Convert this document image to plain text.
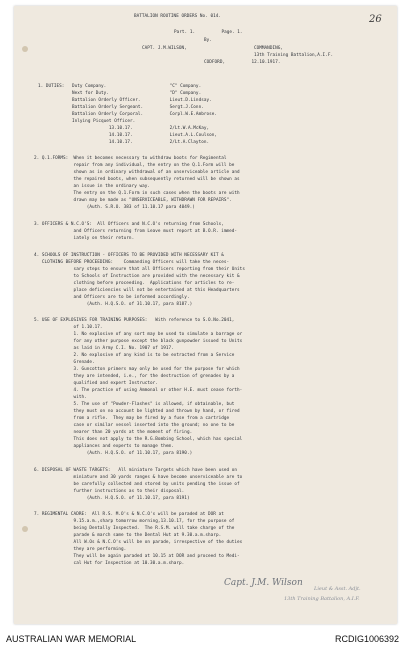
26
BATTALION ROUTINE ORDERS No. 014.
Part. 1.          Page. 1.
By.
CAPT. J.M.WILSON,	COMMANDING,
13th Training Battalion,A.I.F.
CODFORD,          12.10.1917.
1. DUTIES: Duty Company.                        "C" Company.
Next for Duty.                       "D" Company.
Battalion Orderly Officer.           Lieut.D.Lindsay.
Battalion Orderly Sergeant.          Sergt.J.Conn.
Battalion Orderly Corporal.          Corpl.W.E.Ambrose.
Inlying Picquet Officer.
13.10.17.              2/Lt.W.A.McKay,
14.10.17.              Lieut.A.L.Coulson,
14.10.17.              2/Lt.A.Clayton.
2. Q.1.FORMS:  When it becomes necessary to withdraw boots for Regimental
repair from any individual, the entry on the Q.1.Form will be
shown as in ordinary withdrawal of an unserviceable article and
the repaired boots, when subsequently returned will be shown as
an issue in the ordinary way.
The entry on the Q.1.Form in such cases when the boots are with
drawn may be made as "UNSERVICEABLE, WITHDRAWN FOR REPAIRS".
(Auth. S.R.O. 383 of 11.10.17 para 4049.)
3. OFFICERS & N.C.O'S:  All Officers and N.C.O's returning from Schools,
and Officers returning from Leave must report at B.O.R. immed-
iately on their return.
4. SCHOOLS OF INSTRUCTION - OFFICERS TO BE PROVIDED WITH NECESSARY KIT &
CLOTHING BEFORE PROCEEDING:    Commanding Officers will take the neces-
sary steps to ensure that all Officers reporting from their Units
to Schools of Instruction are provided with the necessary kit &
clothing before proceeding.  Applications for articles to re-
place deficiencies will not be entertained at this Headquarters
and Officers are to be informed accordingly.
(Auth. H.Q.S.O. of 31.10.17, para 8187.)
5. USE OF EXPLOSIVES FOR TRAINING PURPOSES:   With reference to S.O.No.2041,
of 1.10.17.
1. No explosive of any sort may be used to simulate a barrage or
for any other purpose except the black gunpowder issued to Units
as laid in Army C.I. No. 1907 of 1917.
2. No explosive of any kind is to be extracted from a Service
Grenade.
3. Guncotton primers may only be used for the purpose for which
they are intended, i.e., for the destruction of grenades by a
qualified and expert Instructor.
4. The practice of using Ammonal or other H.E. must cease forth-
with.
5. The use of "Powder-Flashes" is allowed, if obtainable, but
they must on no account be lighted and thrown by hand, or fired
from a rifle.  They may be fired by a fuse from a cartridge
case or similar vessel inserted into the ground; no one to be
nearer than 20 yards at the moment of firing.
This does not apply to the R.G.Bombing School, which has special
appliances and experts to manage them.
(Auth. H.Q.S.O. of 11.10.17, para 8190.)
6. DISPOSAL OF WASTE TARGETS:   All miniature Targets which have been used on
miniature and 30 yards ranges & have become unserviceable are to
be carefully collected and stored by units pending the issue of
further instructions as to their disposal.
(Auth. H.Q.S.O. of 11.10.17, para 8191)
7. REGIMENTAL CADRE:  All R.S. M.O's & N.C.O's will be paraded at DOR at
9.15.a.m.,sharp tomorrow morning,13.10.17, for the purpose of
being Dentally Inspected.  The R.S.M. will take charge of the
parade & march same to the Dental Hut at 9.30.a.m.sharp.
All W.Os & N.C.O's will be on parade, irrespective of the duties
they are performing.
They will be again paraded at 10.15 at DOR and proceed to Medi-
cal Hut for Inspection at 10.30.a.m.sharp.
Capt. J.M. Wilson
Lieut & Asst. Adjt.
13th Training Battalion, A.I.F.
AUSTRALIAN WAR MEMORIAL	RCDIG1006392
